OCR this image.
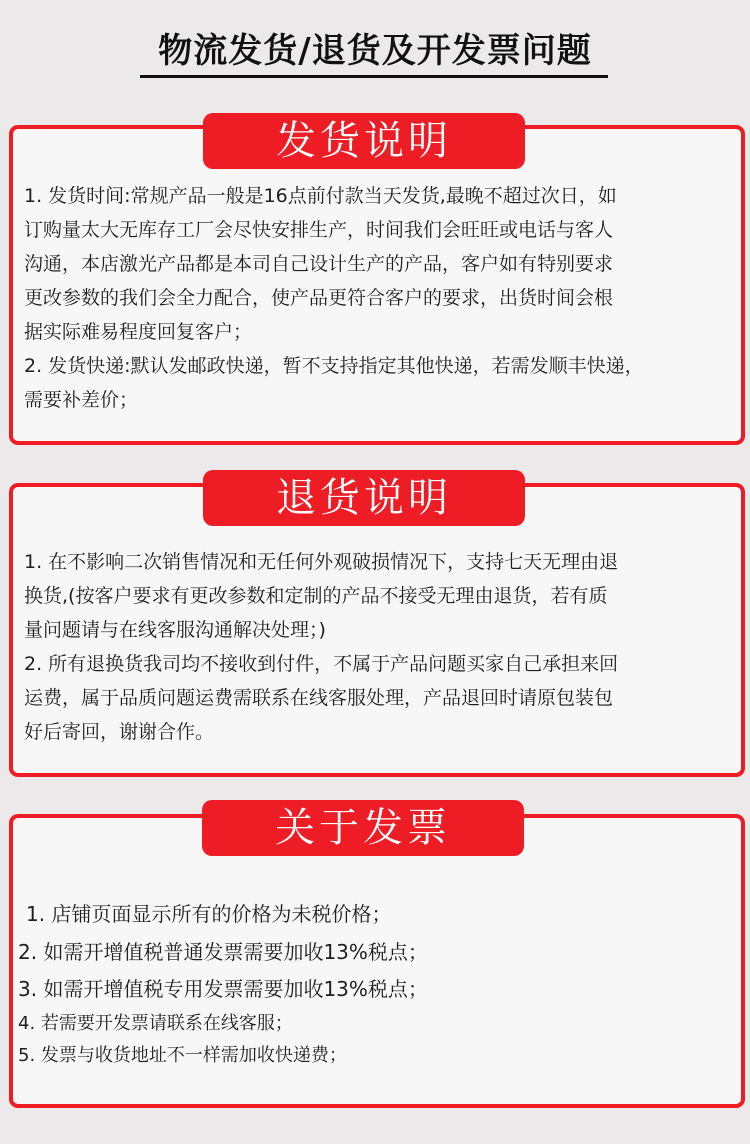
物流发货/退货及开发票问题
发货说明
1. 发货时间:常规产品一般是16点前付款当天发货,最晚不超过次日，如
订购量太大无库存工厂会尽快安排生产，时间我们会旺旺或电话与客人
沟通，本店激光产品都是本司自己设计生产的产品，客户如有特别要求
更改参数的我们会全力配合，使产品更符合客户的要求，出货时间会根
据实际难易程度回复客户；
2. 发货快递:默认发邮政快递，暂不支持指定其他快递，若需发顺丰快递，
需要补差价；
退货说明
1. 在不影响二次销售情况和无任何外观破损情况下，支持七天无理由退
换货,(按客户要求有更改参数和定制的产品不接受无理由退货，若有质
量问题请与在线客服沟通解决处理；)
2. 所有退换货我司均不接收到付件，不属于产品问题买家自己承担来回
运费，属于品质问题运费需联系在线客服处理，产品退回时请原包装包
好后寄回，谢谢合作。
关于发票
1. 店铺页面显示所有的价格为未税价格；
2. 如需开增值税普通发票需要加收13%税点；
3. 如需开增值税专用发票需要加收13%税点；
4. 若需要开发票请联系在线客服；
5. 发票与收货地址不一样需加收快递费；
